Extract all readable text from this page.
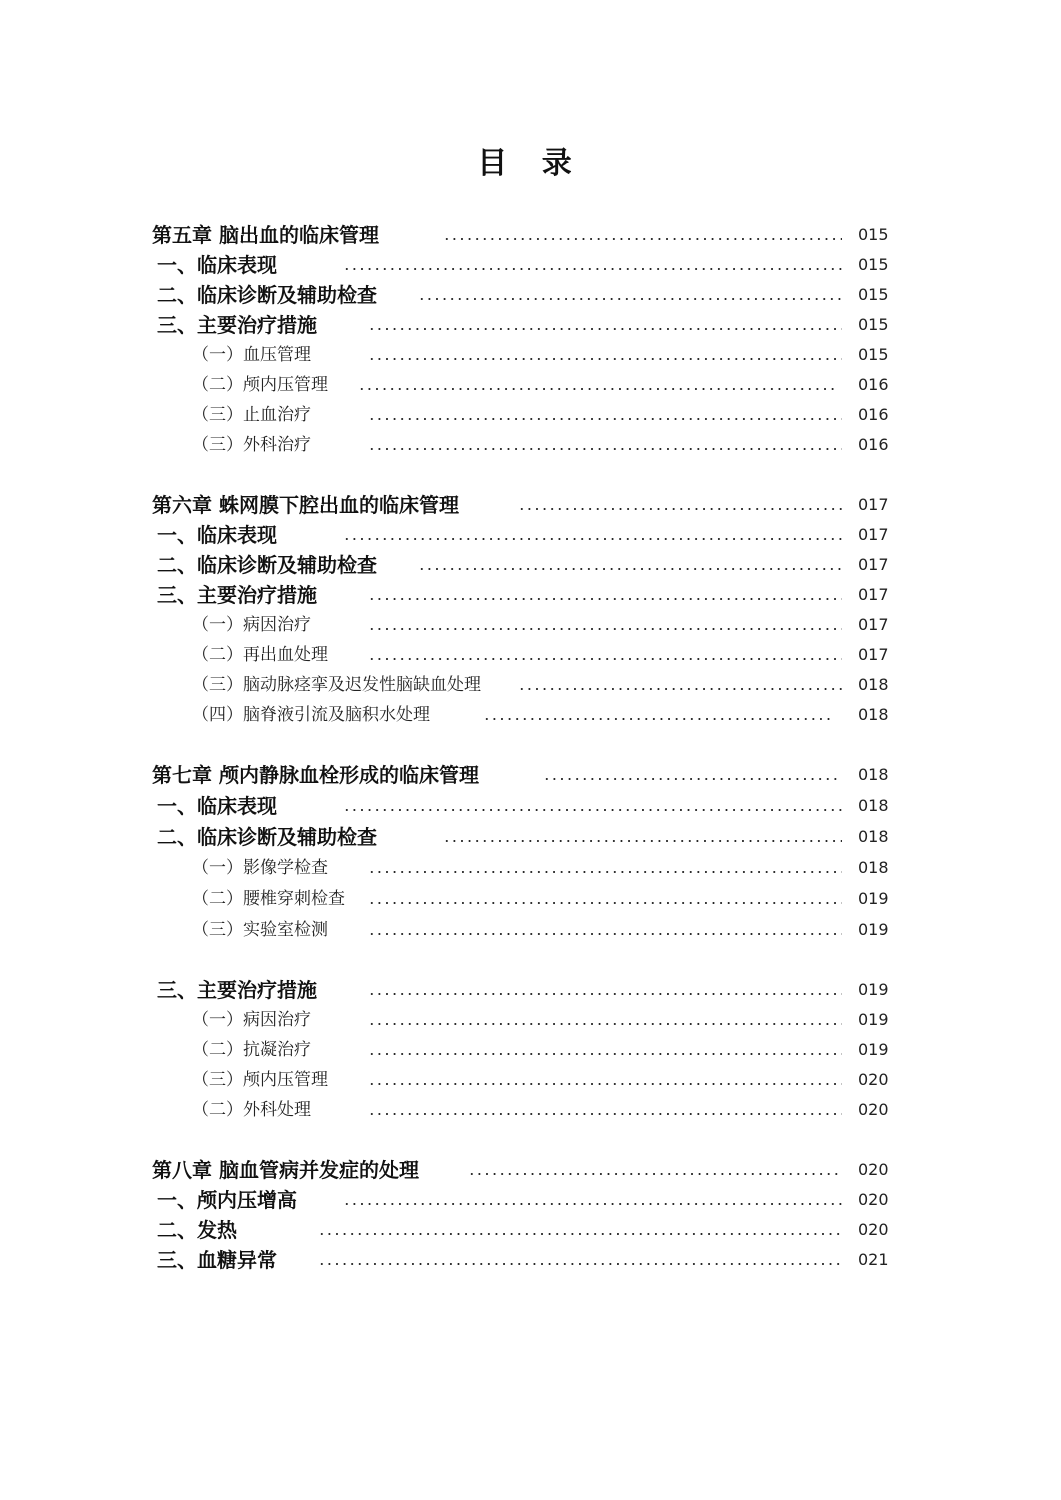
目 录
第五章 脑出血的临床管理	015
一、临床表现	015
二、临床诊断及辅助检查	015
三、主要治疗措施	015
（一）血压管理	015
（二）颅内压管理	016
（三）止血治疗	016
（三）外科治疗	016
第六章 蛛网膜下腔出血的临床管理	017
一、临床表现	017
二、临床诊断及辅助检查	017
三、主要治疗措施	017
（一）病因治疗	017
（二）再出血处理	017
（三）脑动脉痉挛及迟发性脑缺血处理	018
（四）脑脊液引流及脑积水处理	018
第七章 颅内静脉血栓形成的临床管理	018
一、临床表现	018
二、临床诊断及辅助检查	018
（一）影像学检查	018
（二）腰椎穿刺检查	019
（三）实验室检测	019
三、主要治疗措施	019
（一）病因治疗	019
（二）抗凝治疗	019
（三）颅内压管理	020
（二）外科处理	020
第八章 脑血管病并发症的处理	020
一、颅内压增高	020
二、发热	020
三、血糖异常	021
